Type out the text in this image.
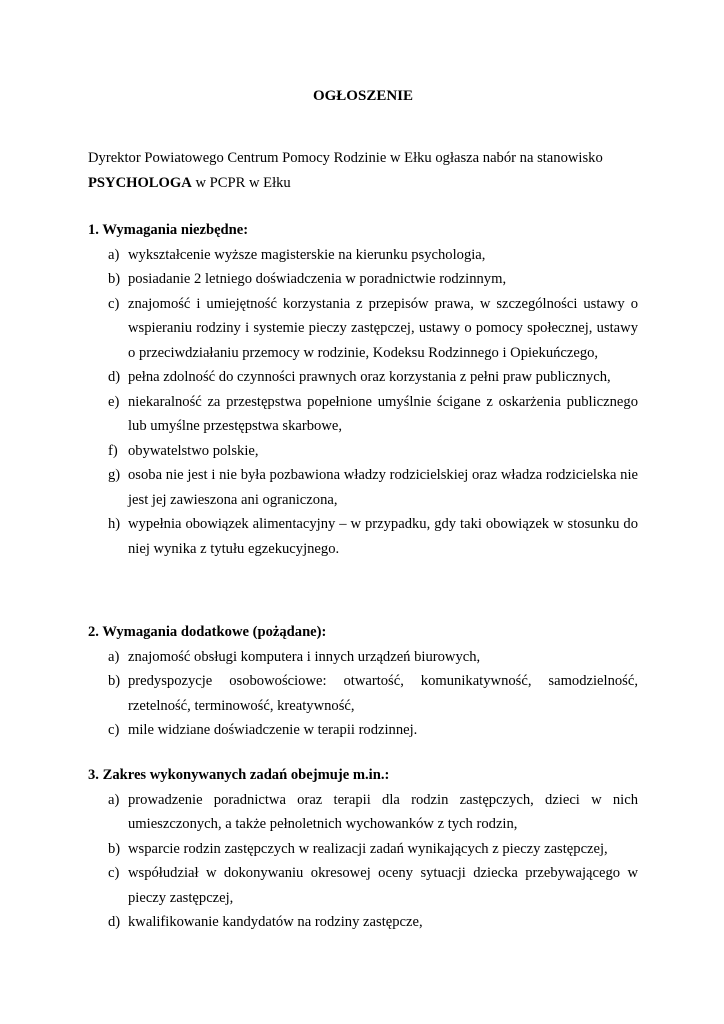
OGŁOSZENIE

Dyrektor Powiatowego Centrum Pomocy Rodzinie w Ełku ogłasza nabór na stanowisko
PSYCHOLOGA w PCPR w Ełku

1. Wymagania niezbędne:

a) wykształcenie wyższe magisterskie na kierunku psychologia,
b) posiadanie 2 letniego doświadczenia w poradnictwie rodzinnym,
c) znajomość i umiejętność korzystania z przepisów prawa, w szczególności ustawy o wspieraniu rodziny i systemie pieczy zastępczej, ustawy o pomocy społecznej, ustawy o przeciwdziałaniu przemocy w rodzinie, Kodeksu Rodzinnego i Opiekuńczego,
d) pełna zdolność do czynności prawnych oraz korzystania z pełni praw publicznych,
e) niekaralność za przestępstwa popełnione umyślnie ścigane z oskarżenia publicznego lub umyślne przestępstwa skarbowe,
f) obywatelstwo polskie,
g) osoba nie jest i nie była pozbawiona władzy rodzicielskiej oraz władza rodzicielska nie jest jej zawieszona ani ograniczona,
h) wypełnia obowiązek alimentacyjny – w przypadku, gdy taki obowiązek w stosunku do niej wynika z tytułu egzekucyjnego.

2. Wymagania dodatkowe (pożądane):

a) znajomość obsługi komputera i innych urządzeń biurowych,
b) predyspozycje osobowościowe: otwartość, komunikatywność, samodzielność, rzetelność, terminowość, kreatywność,
c) mile widziane doświadczenie w terapii rodzinnej.

3. Zakres wykonywanych zadań obejmuje m.in.:

a) prowadzenie poradnictwa oraz terapii dla rodzin zastępczych, dzieci w nich umieszczonych, a także pełnoletnich wychowanków z tych rodzin,
b) wsparcie rodzin zastępczych w realizacji zadań wynikających z pieczy zastępczej,
c) współudział w dokonywaniu okresowej oceny sytuacji dziecka przebywającego w pieczy zastępczej,
d) kwalifikowanie kandydatów na rodziny zastępcze,
